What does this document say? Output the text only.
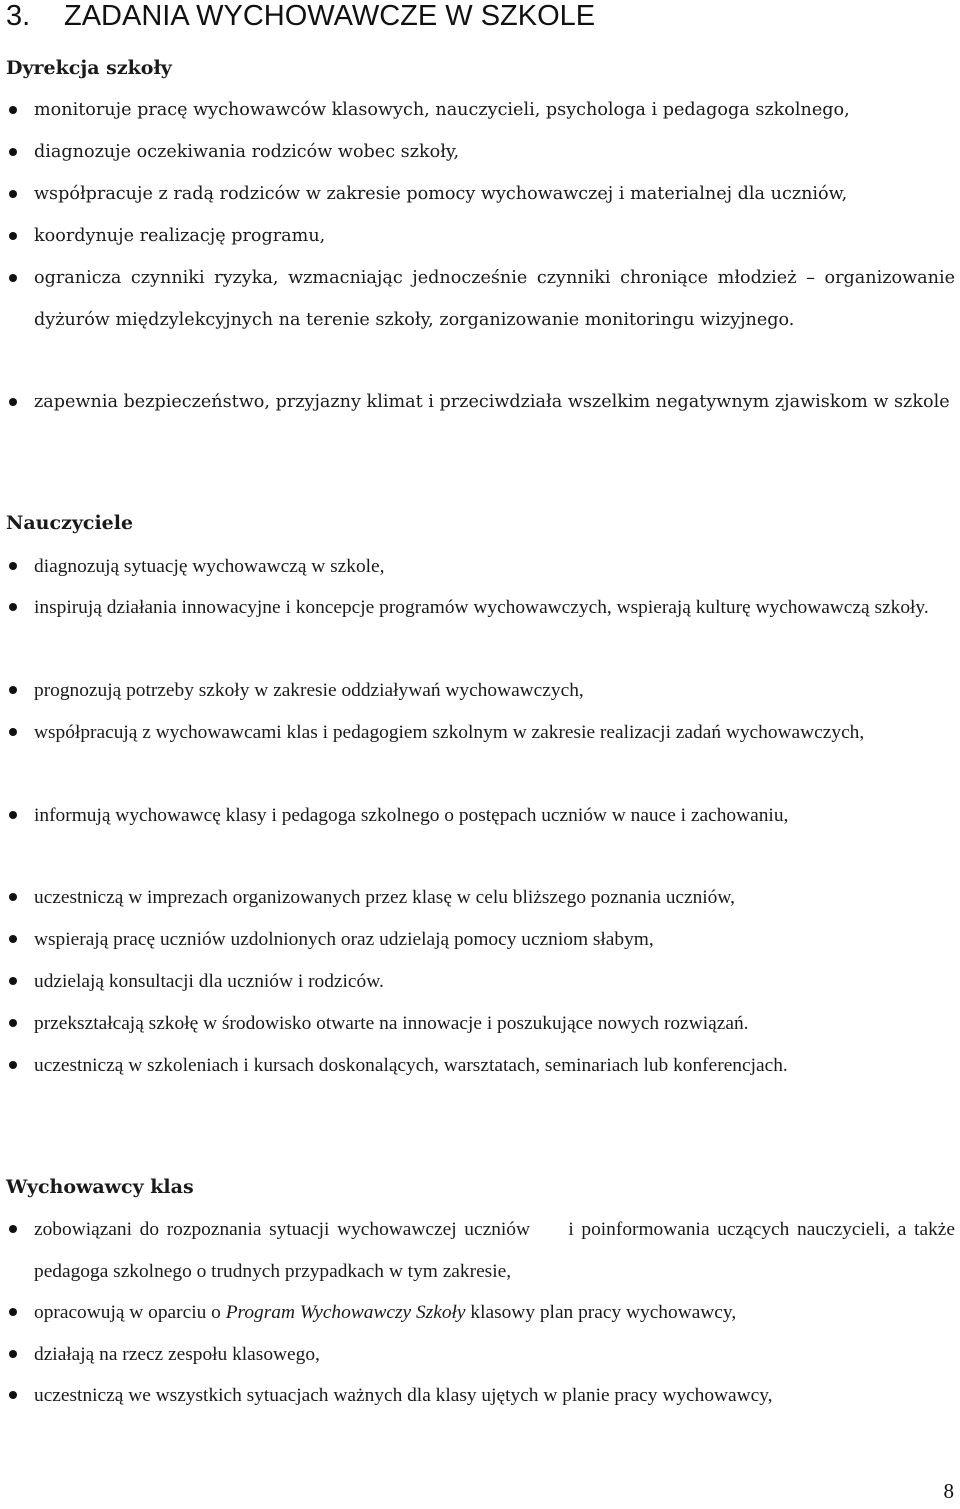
3. ZADANIA WYCHOWAWCZE W SZKOLE
Dyrekcja szkoły
monitoruje pracę wychowawców klasowych, nauczycieli, psychologa i pedagoga szkolnego,
diagnozuje oczekiwania rodziców wobec szkoły,
współpracuje z radą rodziców w zakresie pomocy wychowawczej i materialnej dla uczniów,
koordynuje realizację programu,
ogranicza czynniki ryzyka, wzmacniając jednocześnie czynniki chroniące młodzież – organizowanie dyżurów międzylekcyjnych na terenie szkoły, zorganizowanie monitoringu wizyjnego.
zapewnia bezpieczeństwo, przyjazny klimat i przeciwdziała wszelkim negatywnym zjawiskom w szkole
Nauczyciele
diagnozują sytuację wychowawczą w szkole,
inspirują działania innowacyjne i koncepcje programów wychowawczych, wspierają kulturę wychowawczą szkoły.
prognozują potrzeby szkoły w zakresie oddziaływań wychowawczych,
współpracują z wychowawcami klas i pedagogiem szkolnym w zakresie realizacji zadań wychowawczych,
informują wychowawcę klasy i pedagoga szkolnego o postępach uczniów w nauce i zachowaniu,
uczestniczą w imprezach organizowanych przez klasę w celu bliższego poznania uczniów,
wspierają pracę uczniów uzdolnionych oraz udzielają pomocy uczniom słabym,
udzielają konsultacji dla uczniów i rodziców.
przekształcają szkołę w środowisko otwarte na innowacje i poszukujące nowych rozwiązań.
uczestniczą w szkoleniach i kursach doskonalących, warsztatach, seminariach lub konferencjach.
Wychowawcy klas
zobowiązani do rozpoznania sytuacji wychowawczej uczniów     i poinformowania uczących nauczycieli, a także pedagoga szkolnego o trudnych przypadkach w tym zakresie,
opracowują w oparciu o Program Wychowawczy Szkoły klasowy plan pracy wychowawcy,
działają na rzecz zespołu klasowego,
uczestniczą we wszystkich sytuacjach ważnych dla klasy ujętych w planie pracy wychowawcy,
8
